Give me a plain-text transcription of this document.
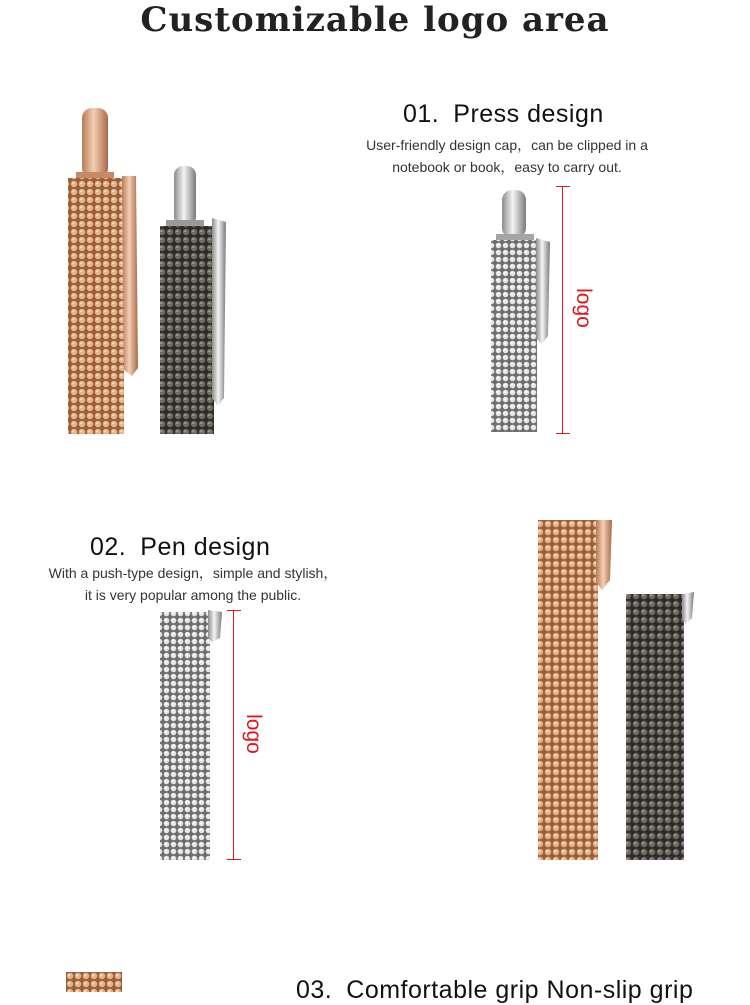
Customizable logo area
01. Press design
User-friendly design cap，can be clipped in a
notebook or book，easy to carry out.
logo
02. Pen design
With a push-type design，simple and stylish，
it is very popular among the public.
logo
03. Comfortable grip Non-slip grip
